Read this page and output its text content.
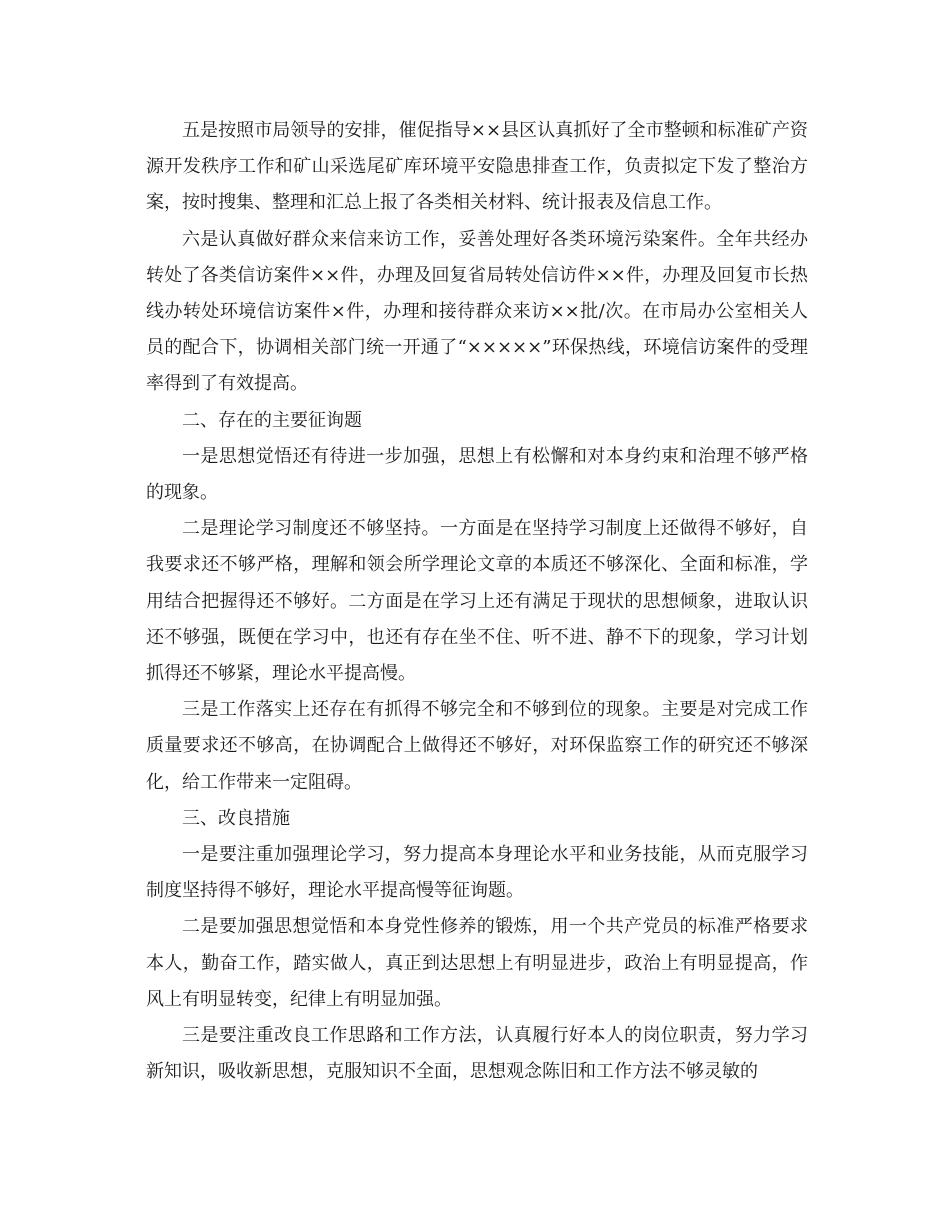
五是按照市局领导的安排，催促指导××县区认真抓好了全市整顿和标准矿产资源开发秩序工作和矿山采选尾矿库环境平安隐患排查工作，负责拟定下发了整治方案，按时搜集、整理和汇总上报了各类相关材料、统计报表及信息工作。

六是认真做好群众来信来访工作，妥善处理好各类环境污染案件。全年共经办转处了各类信访案件××件，办理及回复省局转处信访件××件，办理及回复市长热线办转处环境信访案件×件，办理和接待群众来访××批/次。在市局办公室相关人员的配合下，协调相关部门统一开通了“×××××”环保热线，环境信访案件的受理率得到了有效提高。

二、存在的主要征询题

一是思想觉悟还有待进一步加强，思想上有松懈和对本身约束和治理不够严格的现象。

二是理论学习制度还不够坚持。一方面是在坚持学习制度上还做得不够好，自我要求还不够严格，理解和领会所学理论文章的本质还不够深化、全面和标准，学用结合把握得还不够好。二方面是在学习上还有满足于现状的思想倾象，进取认识还不够强，既便在学习中，也还有存在坐不住、听不进、静不下的现象，学习计划抓得还不够紧，理论水平提高慢。

三是工作落实上还存在有抓得不够完全和不够到位的现象。主要是对完成工作质量要求还不够高，在协调配合上做得还不够好，对环保监察工作的研究还不够深化，给工作带来一定阻碍。

三、改良措施

一是要注重加强理论学习，努力提高本身理论水平和业务技能，从而克服学习制度坚持得不够好，理论水平提高慢等征询题。

二是要加强思想觉悟和本身党性修养的锻炼，用一个共产党员的标准严格要求本人，勤奋工作，踏实做人，真正到达思想上有明显进步，政治上有明显提高，作风上有明显转变，纪律上有明显加强。

三是要注重改良工作思路和工作方法，认真履行好本人的岗位职责，努力学习新知识，吸收新思想，克服知识不全面，思想观念陈旧和工作方法不够灵敏的
